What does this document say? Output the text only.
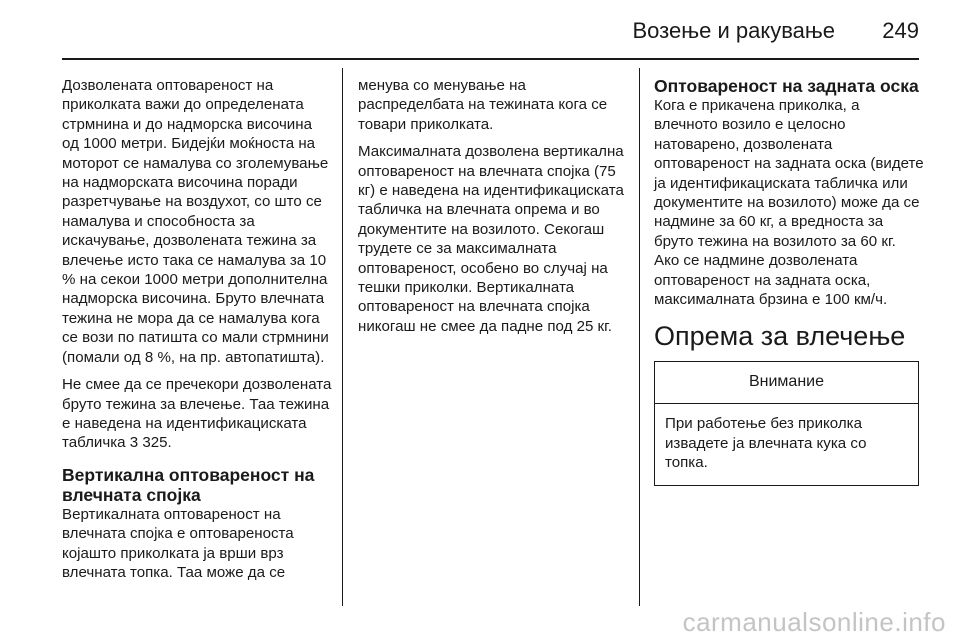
Возење и ракување 249

Дозволената оптовареност на приколката важи до определената стрмнина и до надморска височина од 1000 метри. Бидејќи моќноста на моторот се намалува со зголемување на надморската височина поради разретчување на воздухот, со што се намалува и способноста за искачување, дозволената тежина за влечење исто така се намалува за 10 % на секои 1000 метри дополнителна надморска височина. Бруто влечната тежина не мора да се намалува кога се вози по патишта со мали стрмнини (помали од 8 %, на пр. автопатишта).

Не смее да се пречекори дозволената бруто тежина за влечење. Таа тежина е наведена на идентификациската табличка 3 325.

Вертикална оптовареност на влечната спојка

Вертикалната оптовареност на влечната спојка е оптовареноста којашто приколката ја врши врз влечната топка. Таа може да се

менува со менување на распределбата на тежината кога се товари приколката.

Максималната дозволена вертикална оптовареност на влечната спојка (75 кг) е наведена на идентификациската табличка на влечната опрема и во документите на возилото. Секогаш трудете се за максималната оптовареност, особено во случај на тешки приколки. Вертикалната оптовареност на влечната спојка никогаш не смее да падне под 25 кг.

Оптовареност на задната оска

Кога е прикачена приколка, а влечното возило е целосно натоварено, дозволената оптовареност на задната оска (видете ја идентификациската табличка или документите на возилото) може да се надмине за 60 кг, а вредноста за бруто тежина на возилото за 60 кг. Ако се надмине дозволената оптовареност на задната оска, максималната брзина е 100 км/ч.

Опрема за влечење

Внимание
При работење без приколка извадете ја влечната кука со топка.
carmanualsonline.info
